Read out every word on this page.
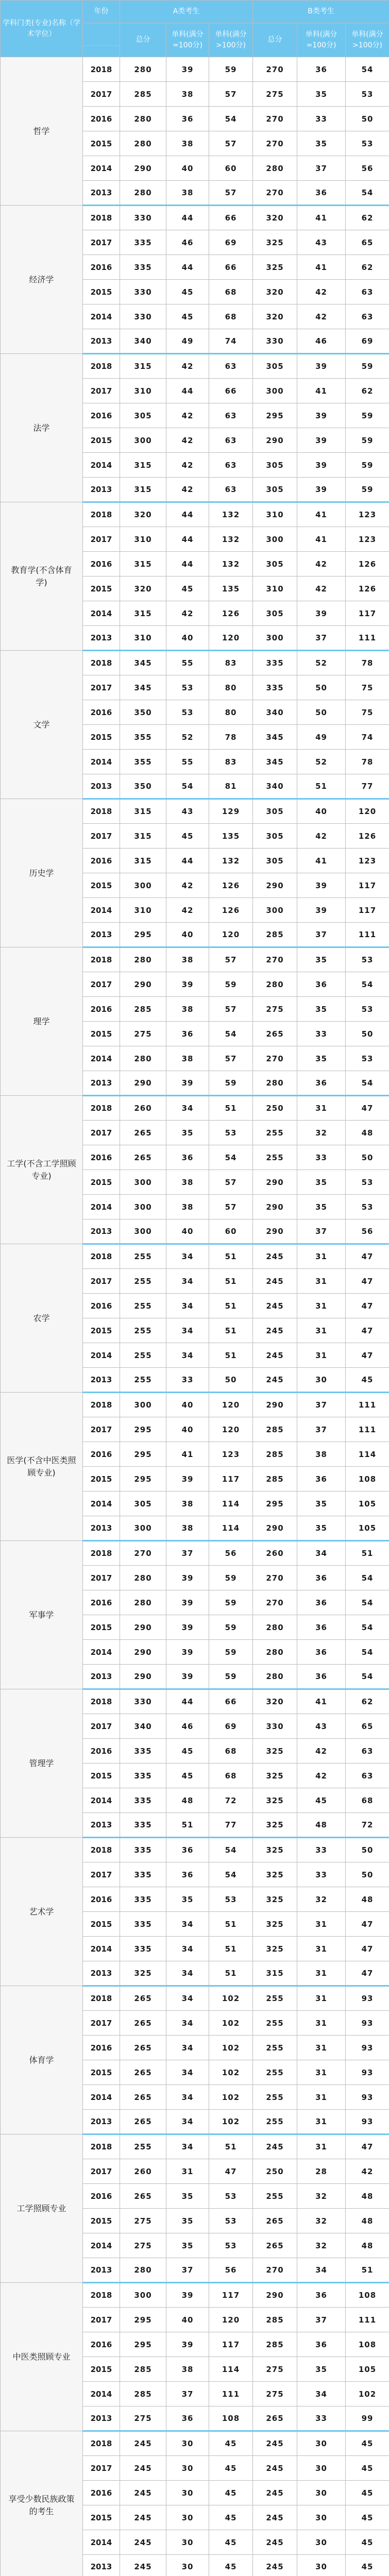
学科门类(专业)名称（学术学位）	年份	A类考生			B类考生		
		总分	单科(满分=100分)	单科(满分>100分)	总分	单科(满分=100分)	单科(满分>100分)

哲学	2018	280	39	59	270	36	54
	2017	285	38	57	275	35	53
	2016	280	36	54	270	33	50
	2015	280	38	57	270	35	53
	2014	290	40	60	280	37	56
	2013	280	38	57	270	36	54
经济学	2018	330	44	66	320	41	62
	2017	335	46	69	325	43	65
	2016	335	44	66	325	41	62
	2015	330	45	68	320	42	63
	2014	330	45	68	320	42	63
	2013	340	49	74	330	46	69
法学	2018	315	42	63	305	39	59
	2017	310	44	66	300	41	62
	2016	305	42	63	295	39	59
	2015	300	42	63	290	39	59
	2014	315	42	63	305	39	59
	2013	315	42	63	305	39	59
教育学(不含体育学)	2018	320	44	132	310	41	123
	2017	310	44	132	300	41	123
	2016	315	44	132	305	42	126
	2015	320	45	135	310	42	126
	2014	315	42	126	305	39	117
	2013	310	40	120	300	37	111
文学	2018	345	55	83	335	52	78
	2017	345	53	80	335	50	75
	2016	350	53	80	340	50	75
	2015	355	52	78	345	49	74
	2014	355	55	83	345	52	78
	2013	350	54	81	340	51	77
历史学	2018	315	43	129	305	40	120
	2017	315	45	135	305	42	126
	2016	315	44	132	305	41	123
	2015	300	42	126	290	39	117
	2014	310	42	126	300	39	117
	2013	295	40	120	285	37	111
理学	2018	280	38	57	270	35	53
	2017	290	39	59	280	36	54
	2016	285	38	57	275	35	53
	2015	275	36	54	265	33	50
	2014	280	38	57	270	35	53
	2013	290	39	59	280	36	54
工学(不含工学照顾专业)	2018	260	34	51	250	31	47
	2017	265	35	53	255	32	48
	2016	265	36	54	255	33	50
	2015	300	38	57	290	35	53
	2014	300	38	57	290	35	53
	2013	300	40	60	290	37	56
农学	2018	255	34	51	245	31	47
	2017	255	34	51	245	31	47
	2016	255	34	51	245	31	47
	2015	255	34	51	245	31	47
	2014	255	34	51	245	31	47
	2013	255	33	50	245	30	45
医学(不含中医类照顾专业)	2018	300	40	120	290	37	111
	2017	295	40	120	285	37	111
	2016	295	41	123	285	38	114
	2015	295	39	117	285	36	108
	2014	305	38	114	295	35	105
	2013	300	38	114	290	35	105
军事学	2018	270	37	56	260	34	51
	2017	280	39	59	270	36	54
	2016	280	39	59	270	36	54
	2015	290	39	59	280	36	54
	2014	290	39	59	280	36	54
	2013	290	39	59	280	36	54
管理学	2018	330	44	66	320	41	62
	2017	340	46	69	330	43	65
	2016	335	45	68	325	42	63
	2015	335	45	68	325	42	63
	2014	335	48	72	325	45	68
	2013	335	51	77	325	48	72
艺术学	2018	335	36	54	325	33	50
	2017	335	36	54	325	33	50
	2016	335	35	53	325	32	48
	2015	335	34	51	325	31	47
	2014	335	34	51	325	31	47
	2013	325	34	51	315	31	47
体育学	2018	265	34	102	255	31	93
	2017	265	34	102	255	31	93
	2016	265	34	102	255	31	93
	2015	265	34	102	255	31	93
	2014	265	34	102	255	31	93
	2013	265	34	102	255	31	93
工学照顾专业	2018	255	34	51	245	31	47
	2017	260	31	47	250	28	42
	2016	265	35	53	255	32	48
	2015	275	35	53	265	32	48
	2014	275	35	53	265	32	48
	2013	280	37	56	270	34	51
中医类照顾专业	2018	300	39	117	290	36	108
	2017	295	40	120	285	37	111
	2016	295	39	117	285	36	108
	2015	285	38	114	275	35	105
	2014	285	37	111	275	34	102
	2013	275	36	108	265	33	99
享受少数民族政策的考生	2018	245	30	45	245	30	45
	2017	245	30	45	245	30	45
	2016	245	30	45	245	30	45
	2015	245	30	45	245	30	45
	2014	245	30	45	245	30	45
	2013	245	30	45	245	30	45
